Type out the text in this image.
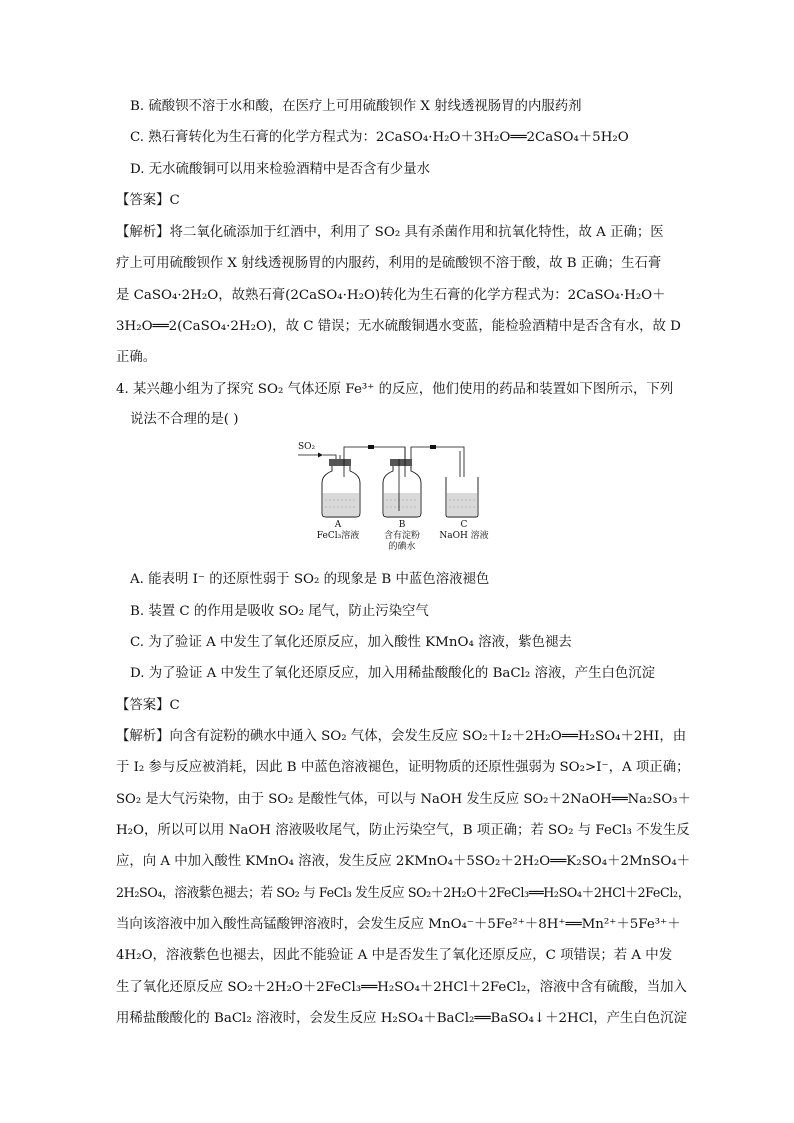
B. 硫酸钡不溶于水和酸，在医疗上可用硫酸钡作 X 射线透视肠胃的内服药剂
C. 熟石膏转化为生石膏的化学方程式为：2CaSO₄·H₂O＋3H₂O══2CaSO₄＋5H₂O
D. 无水硫酸铜可以用来检验酒精中是否含有少量水
【答案】C
【解析】将二氧化硫添加于红酒中，利用了 SO₂ 具有杀菌作用和抗氧化特性，故 A 正确；医
疗上可用硫酸钡作 X 射线透视肠胃的内服药，利用的是硫酸钡不溶于酸，故 B 正确；生石膏
是 CaSO₄·2H₂O，故熟石膏(2CaSO₄·H₂O)转化为生石膏的化学方程式为：2CaSO₄·H₂O＋
3H₂O══2(CaSO₄·2H₂O)，故 C 错误；无水硫酸铜遇水变蓝，能检验酒精中是否含有水，故 D
正确。
4. 某兴趣小组为了探究 SO₂ 气体还原 Fe³⁺ 的反应，他们使用的药品和装置如下图所示，下列
说法不合理的是( )
SO₂
A
FeCl₃溶液
B
含有淀粉
的碘水
C
NaOH 溶液
A. 能表明 I⁻ 的还原性弱于 SO₂ 的现象是 B 中蓝色溶液褪色
B. 装置 C 的作用是吸收 SO₂ 尾气，防止污染空气
C. 为了验证 A 中发生了氧化还原反应，加入酸性 KMnO₄ 溶液，紫色褪去
D. 为了验证 A 中发生了氧化还原反应，加入用稀盐酸酸化的 BaCl₂ 溶液，产生白色沉淀
【答案】C
【解析】向含有淀粉的碘水中通入 SO₂ 气体，会发生反应 SO₂＋I₂＋2H₂O══H₂SO₄＋2HI，由
于 I₂ 参与反应被消耗，因此 B 中蓝色溶液褪色，证明物质的还原性强弱为 SO₂>I⁻，A 项正确；
SO₂ 是大气污染物，由于 SO₂ 是酸性气体，可以与 NaOH 发生反应 SO₂＋2NaOH══Na₂SO₃＋
H₂O，所以可以用 NaOH 溶液吸收尾气，防止污染空气，B 项正确；若 SO₂ 与 FeCl₃ 不发生反
应，向 A 中加入酸性 KMnO₄ 溶液，发生反应 2KMnO₄＋5SO₂＋2H₂O══K₂SO₄＋2MnSO₄＋
2H₂SO₄，溶液紫色褪去；若 SO₂ 与 FeCl₃ 发生反应 SO₂＋2H₂O＋2FeCl₃══H₂SO₄＋2HCl＋2FeCl₂，
当向该溶液中加入酸性高锰酸钾溶液时，会发生反应 MnO₄⁻＋5Fe²⁺＋8H⁺══Mn²⁺＋5Fe³⁺＋
4H₂O，溶液紫色也褪去，因此不能验证 A 中是否发生了氧化还原反应，C 项错误；若 A 中发
生了氧化还原反应 SO₂＋2H₂O＋2FeCl₃══H₂SO₄＋2HCl＋2FeCl₂，溶液中含有硫酸，当加入
用稀盐酸酸化的 BaCl₂ 溶液时，会发生反应 H₂SO₄＋BaCl₂══BaSO₄↓＋2HCl，产生白色沉淀
